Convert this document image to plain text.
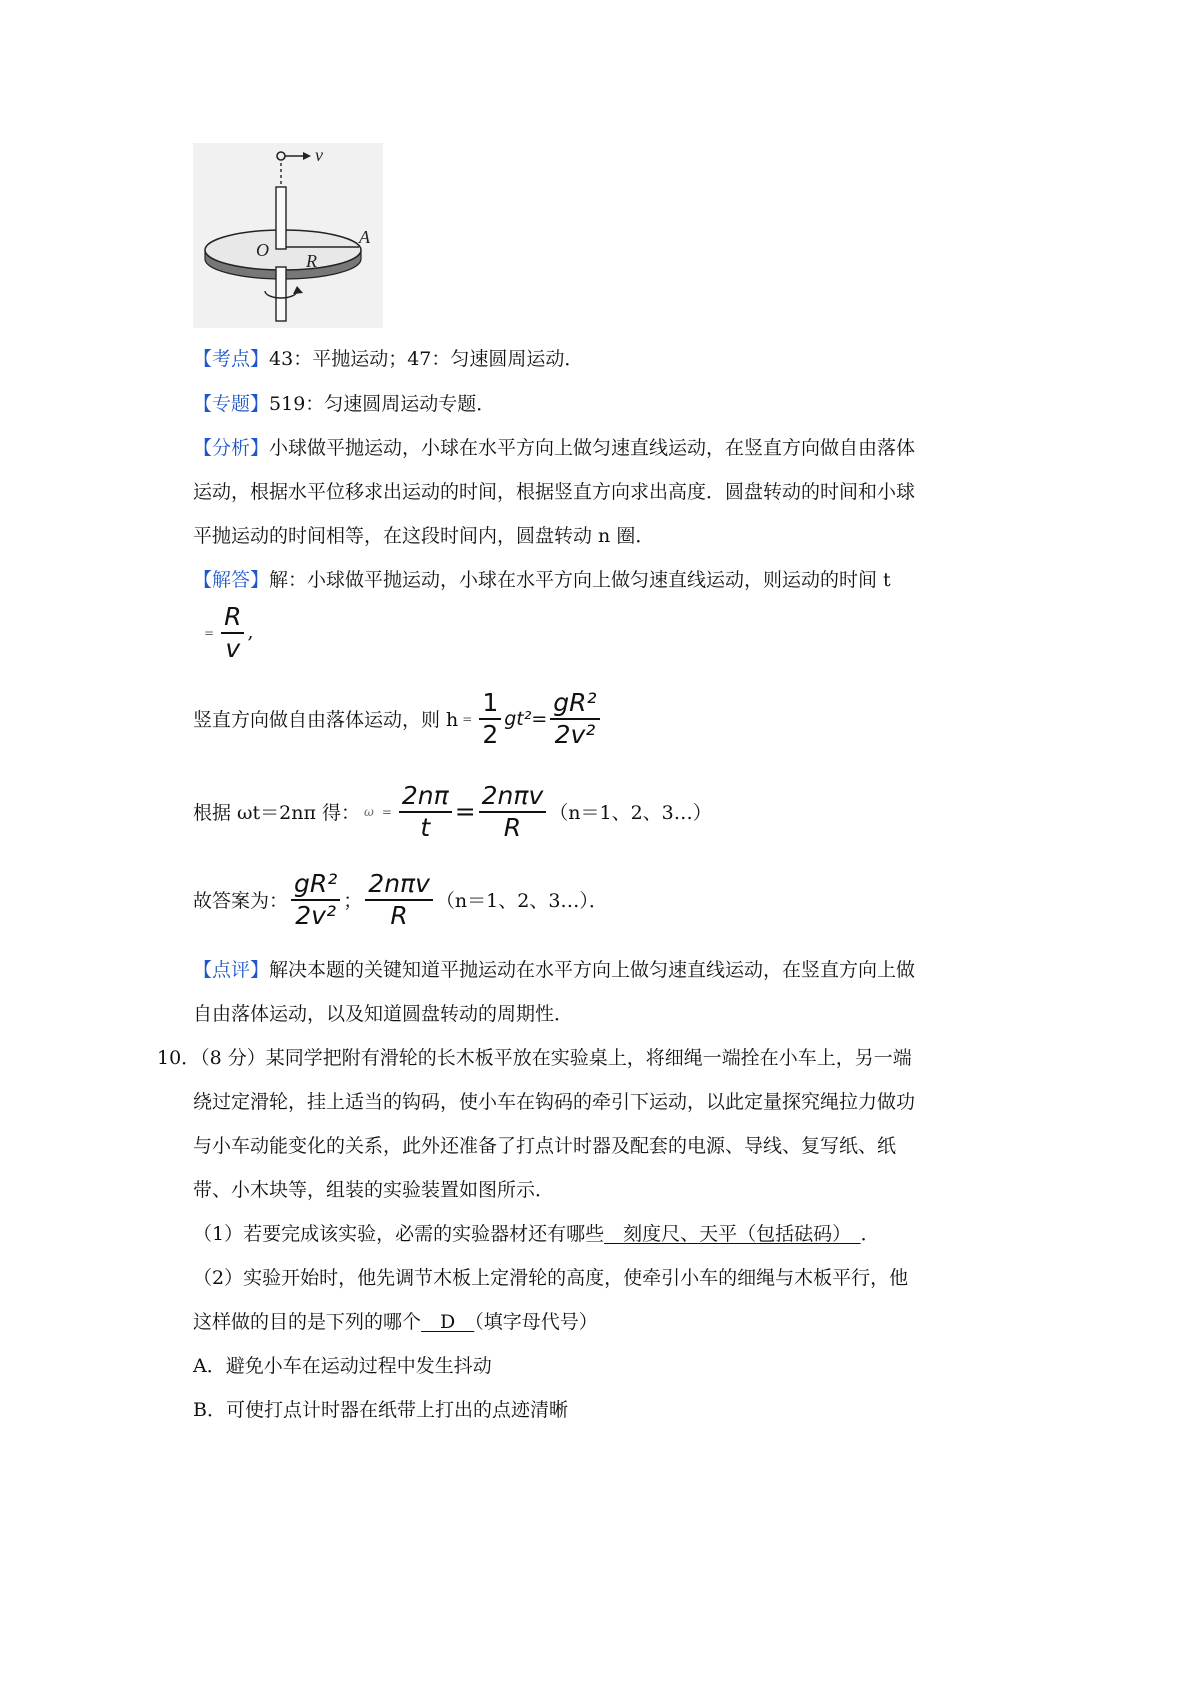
O
R
A
v
【考点】43：平抛运动；47：匀速圆周运动．
【专题】519：匀速圆周运动专题．
【分析】小球做平抛运动，小球在水平方向上做匀速直线运动，在竖直方向做自由落体
运动，根据水平位移求出运动的时间，根据竖直方向求出高度．圆盘转动的时间和小球
平抛运动的时间相等，在这段时间内，圆盘转动 n 圈．
【解答】解：小球做平抛运动，小球在水平方向上做匀速直线运动，则运动的时间 t
= $\frac{R}{v}$ ,
竖直方向做自由落体运动，则 $h = \frac{1}{2} gt^2= \frac{\text{gR²}}{\text{2v²}}$
根据 ωt＝2nπ 得： $\omega = \frac{2n\pi}{t} = \frac{\text{2nπv}}{R} (n=1$、2、3…）
故答案为： $\frac{\text{gR²}}{\text{2v²}}$ ； $\frac{\text{2nπv}}{R} (n=1$、2、3…）．
【点评】解决本题的关键知道平抛运动在水平方向上做匀速直线运动，在竖直方向上做
自由落体运动，以及知道圆盘转动的周期性．
10．（8 分）某同学把附有滑轮的长木板平放在实验桌上，将细绳一端拴在小车上，另一端
绕过定滑轮，挂上适当的钩码，使小车在钩码的牵引下运动，以此定量探究绳拉力做功
与小车动能变化的关系，此外还准备了打点计时器及配套的电源、导线、复写纸、纸
带、小木块等，组装的实验装置如图所示．
（1）若要完成该实验，必需的实验器材还有哪些　刻度尺、天平（包括砝码）　．
（2）实验开始时，他先调节木板上定滑轮的高度，使牵引小车的细绳与木板平行，他
这样做的目的是下列的哪个　D　（填字母代号）
A．避免小车在运动过程中发生抖动
B．可使打点计时器在纸带上打出的点迹清晰
